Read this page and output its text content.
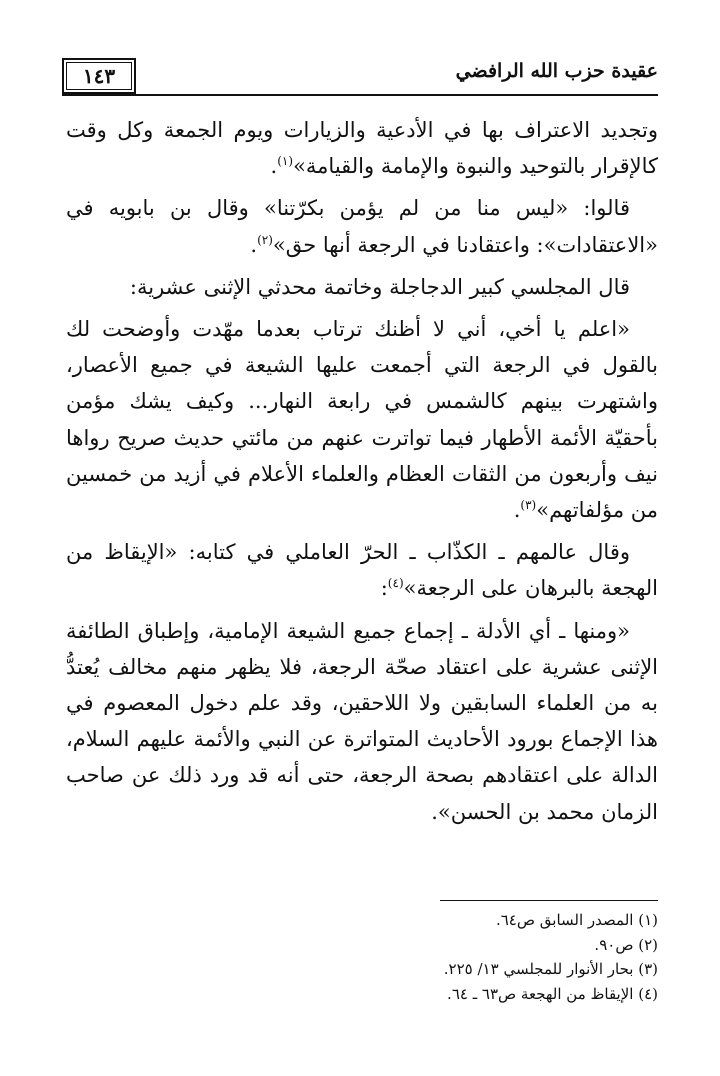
عقيدة حزب الله الرافضي
١٤٣

وتجديد الاعتراف بها في الأدعية والزيارات ويوم الجمعة وكل وقت كالإقرار بالتوحيد والنبوة والإمامة والقيامة»$^{(١)}$.

قالوا: «ليس منا من لم يؤمن بكرّتنا» وقال بن بابويه في «الاعتقادات»: واعتقادنا في الرجعة أنها حق»$^{(٢)}$.

قال المجلسي كبير الدجاجلة وخاتمة محدثي الإثنى عشرية:

«اعلم يا أخي، أني لا أظنك ترتاب بعدما مهّدت وأوضحت لك بالقول في الرجعة التي أجمعت عليها الشيعة في جميع الأعصار، واشتهرت بينهم كالشمس في رابعة النهار... وكيف يشك مؤمن بأحقيّة الأئمة الأطهار فيما تواترت عنهم من مائتي حديث صريح رواها نيف وأربعون من الثقات العظام والعلماء الأعلام في أزيد من خمسين من مؤلفاتهم»$^{(٣)}$.

وقال عالمهم ـ الكذّاب ـ الحرّ العاملي في كتابه: «الإيقاظ من الهجعة بالبرهان على الرجعة»$^{(٤)}$:

«ومنها ـ أي الأدلة ـ إجماع جميع الشيعة الإمامية، وإطباق الطائفة الإثنى عشرية على اعتقاد صحّة الرجعة، فلا يظهر منهم مخالف يُعتدُّ به من العلماء السابقين ولا اللاحقين، وقد علم دخول المعصوم في هذا الإجماع بورود الأحاديث المتواترة عن النبي والأئمة عليهم السلام، الدالة على اعتقادهم بصحة الرجعة، حتى أنه قد ورد ذلك عن صاحب الزمان محمد بن الحسن».

(١) المصدر السابق ص٦٤.
(٢) ص٩٠.
(٣) بحار الأنوار للمجلسي ١٣/ ٢٢٥.
(٤) الإيقاظ من الهجعة ص٦٣ ـ ٦٤.
